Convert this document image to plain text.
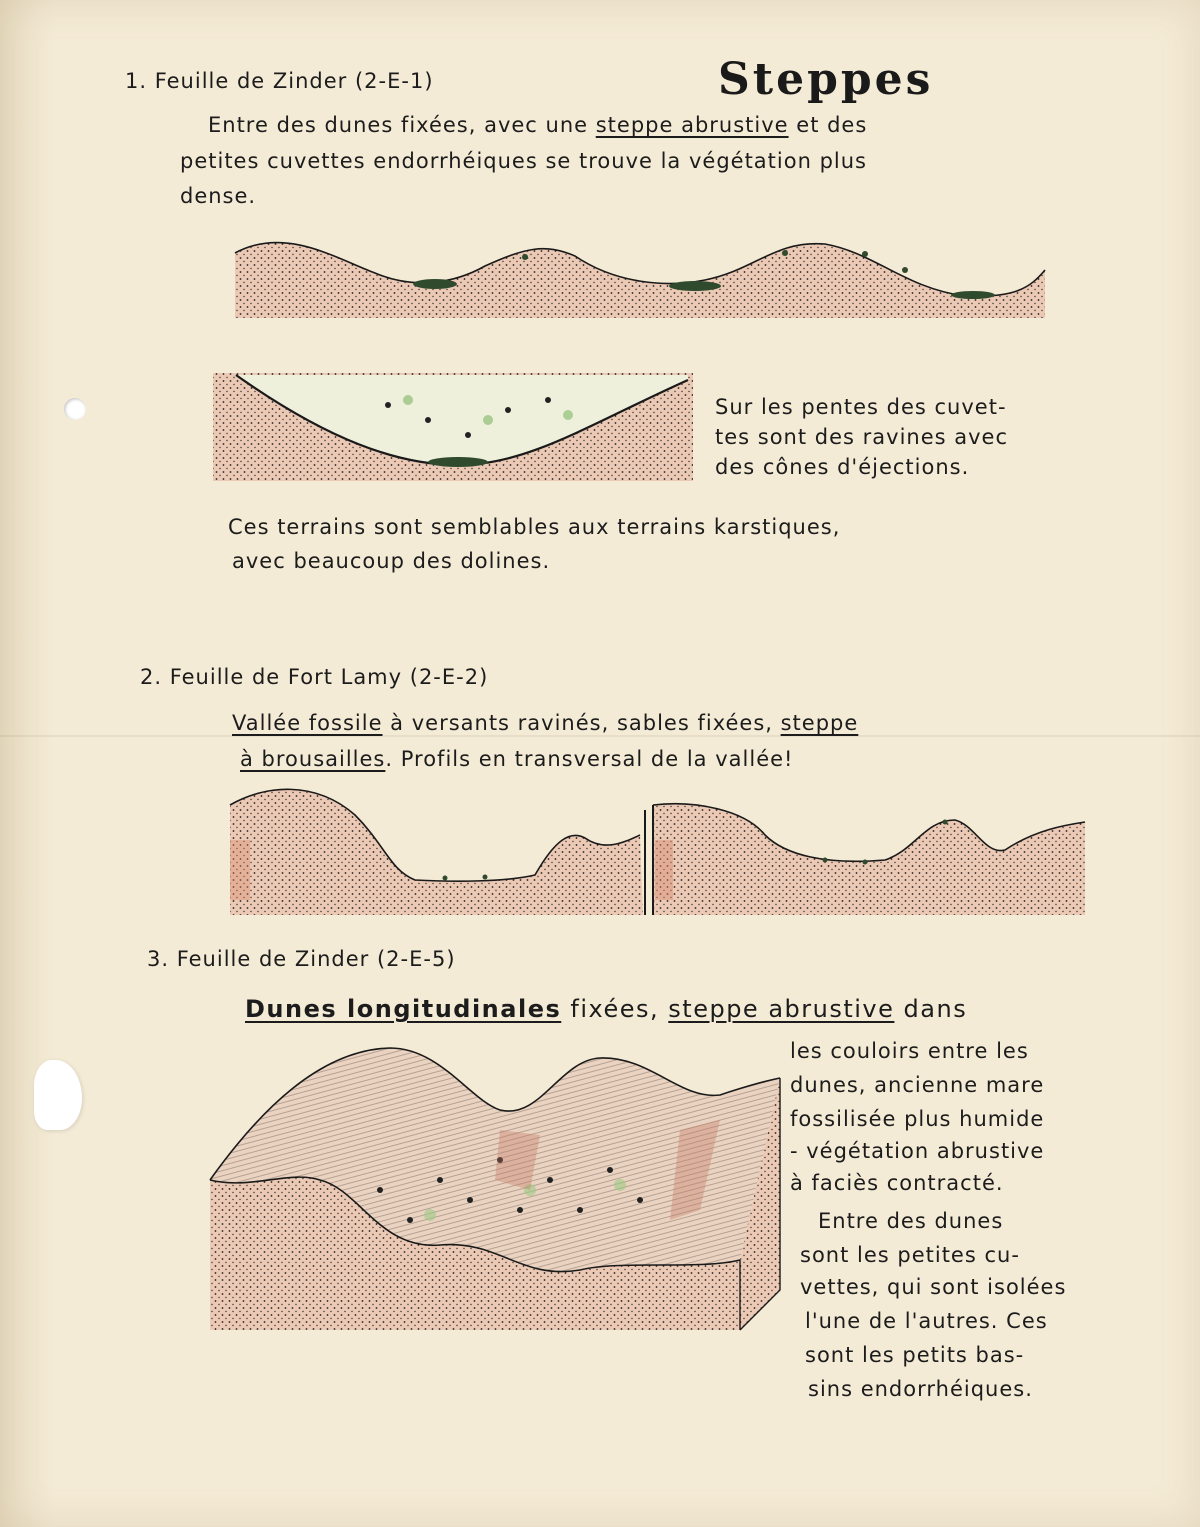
Steppes

1. Feuille de Zinder (2-E-1)

Entre des dunes fixées, avec une steppe abrustive et des

petites cuvettes endorrhéiques se trouve la végétation plus

dense.

Sur les pentes des cuvet-

tes sont des ravines avec

des cônes d'éjections.

Ces terrains sont semblables aux terrains karstiques,

avec beaucoup des dolines.

2. Feuille de Fort Lamy (2-E-2)

Vallée fossile à versants ravinés, sables fixées, steppe

à brousailles. Profils en transversal de la vallée!

3. Feuille de Zinder (2-E-5)

Dunes longitudinales fixées, steppe abrustive dans

les couloirs entre les

dunes, ancienne mare

fossilisée plus humide

- végétation abrustive

à faciès contracté.

Entre des dunes

sont les petites cu-

vettes, qui sont isolées

l'une de l'autres. Ces

sont les petits bas-

sins endorrhéiques.
